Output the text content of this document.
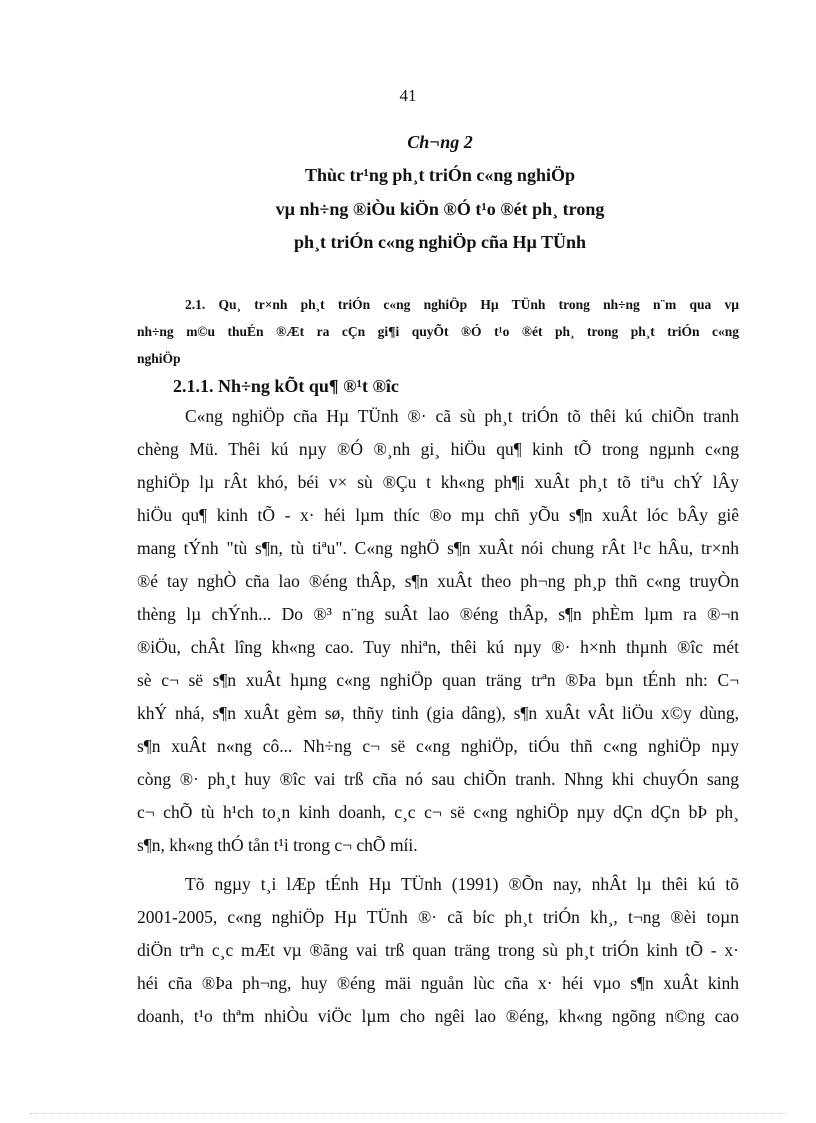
41
Ch¬ng 2
Thùc tr¹ng ph¸t triÓn c«ng nghiÖp
vµ nh÷ng ®iÒu kiÖn ®Ó t¹o ®ét ph¸ trong
ph¸t triÓn c«ng nghiÖp cña Hµ TÜnh
2.1. Qu¸ tr×nh ph¸t triÓn c«ng nghiÖp Hµ TÜnh trong nh÷ng n¨m qua vµ
nh÷ng m©u thuÉn ®Æt ra cÇn gi¶i quyÕt ®Ó t¹o ®ét ph¸ trong ph¸t triÓn c«ng
nghiÖp
2.1.1. Nh÷ng kÕt qu¶ ®¹t ®îc
C«ng nghiÖp cña Hµ TÜnh ®· cã sù ph¸t triÓn tõ thêi kú chiÕn tranh
chèng Mü. Thêi kú nµy ®Ó ®¸nh gi¸ hiÖu qu¶ kinh tÕ trong ngµnh c«ng
nghiÖp lµ rÂt khó, béi v× sù ®Çu t kh«ng ph¶i xuÂt ph¸t tõ tiªu chÝ lÂy
hiÖu qu¶ kinh tÕ - x· héi lµm thíc ®o mµ chñ yÕu s¶n xuÂt lóc bÂy giê
mang tÝnh "tù s¶n, tù tiªu". C«ng nghÖ s¶n xuÂt nói chung rÂt l¹c hÂu, tr×nh
®é tay nghÒ cña lao ®éng thÂp, s¶n xuÂt theo ph¬ng ph¸p thñ c«ng truyÒn
thèng lµ chÝnh... Do ®³ n¨ng suÂt lao ®éng thÂp, s¶n phÈm lµm ra ®¬n
®iÖu, chÂt lîng kh«ng cao. Tuy nhiªn, thêi kú nµy ®· h×nh thµnh ®îc mét
sè c¬ së s¶n xuÂt hµng c«ng nghiÖp quan träng trªn ®Þa bµn tÉnh nh: C¬
khÝ nhá, s¶n xuÂt gèm sø, thñy tinh (gia dâng), s¶n xuÂt vÂt liÖu x©y dùng,
s¶n xuÂt n«ng cô... Nh÷ng c¬ së c«ng nghiÖp, tiÓu thñ c«ng nghiÖp nµy
còng ®· ph¸t huy ®îc vai trß cña nó sau chiÕn tranh. Nhng khi chuyÓn sang
c¬ chÕ tù h¹ch to¸n kinh doanh, c¸c c¬ së c«ng nghiÖp nµy dÇn dÇn bÞ ph¸
s¶n, kh«ng thÓ tån t¹i trong c¬ chÕ míi.
Tõ ngµy t¸i lÆp tÉnh Hµ TÜnh (1991) ®Õn nay, nhÂt lµ thêi kú tõ
2001-2005, c«ng nghiÖp Hµ TÜnh ®· cã bíc ph¸t triÓn kh¸, t¬ng ®èi toµn
diÖn trªn c¸c mÆt vµ ®ãng vai trß quan träng trong sù ph¸t triÓn kinh tÕ - x·
héi cña ®Þa ph¬ng, huy ®éng mäi nguån lùc cña x· héi vµo s¶n xuÂt kinh
doanh, t¹o thªm nhiÒu viÖc lµm cho ngêi lao ®éng, kh«ng ngõng n©ng cao
